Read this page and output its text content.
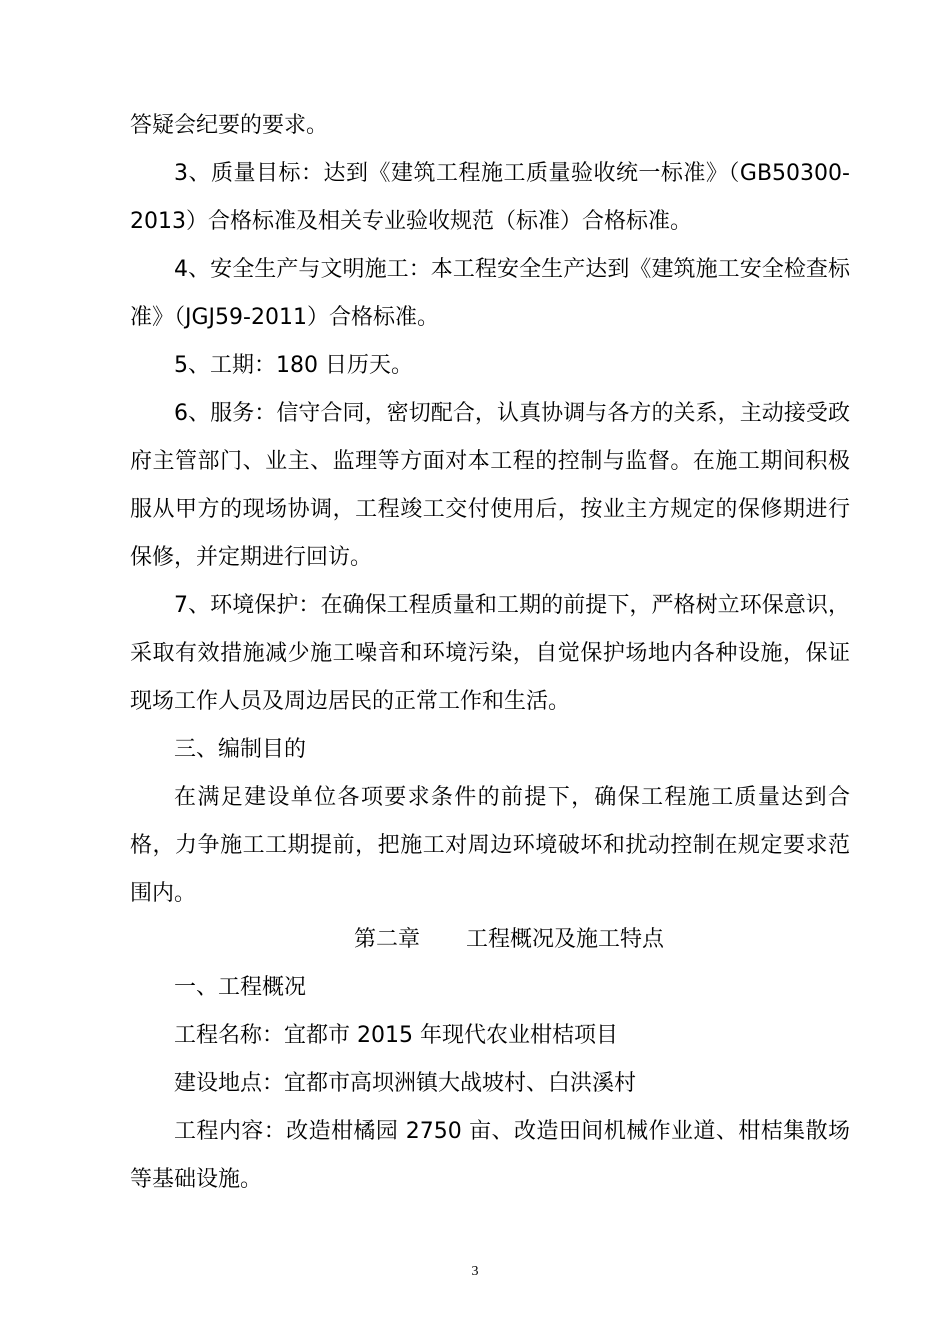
答疑会纪要的要求。

3、质量目标：达到《建筑工程施工质量验收统一标准》（GB50300-2013）合格标准及相关专业验收规范（标准）合格标准。

4、安全生产与文明施工：本工程安全生产达到《建筑施工安全检查标准》（JGJ59-2011）合格标准。

5、工期：180 日历天。

6、服务：信守合同，密切配合，认真协调与各方的关系，主动接受政府主管部门、业主、监理等方面对本工程的控制与监督。在施工期间积极服从甲方的现场协调，工程竣工交付使用后，按业主方规定的保修期进行保修，并定期进行回访。

7、环境保护：在确保工程质量和工期的前提下，严格树立环保意识，采取有效措施减少施工噪音和环境污染，自觉保护场地内各种设施，保证现场工作人员及周边居民的正常工作和生活。

三、编制目的

在满足建设单位各项要求条件的前提下，确保工程施工质量达到合格，力争施工工期提前，把施工对周边环境破坏和扰动控制在规定要求范围内。

第二章 工程概况及施工特点

一、工程概况

工程名称：宜都市 2015 年现代农业柑桔项目

建设地点：宜都市高坝洲镇大战坡村、白洪溪村

工程内容：改造柑橘园 2750 亩、改造田间机械作业道、柑桔集散场等基础设施。

3
